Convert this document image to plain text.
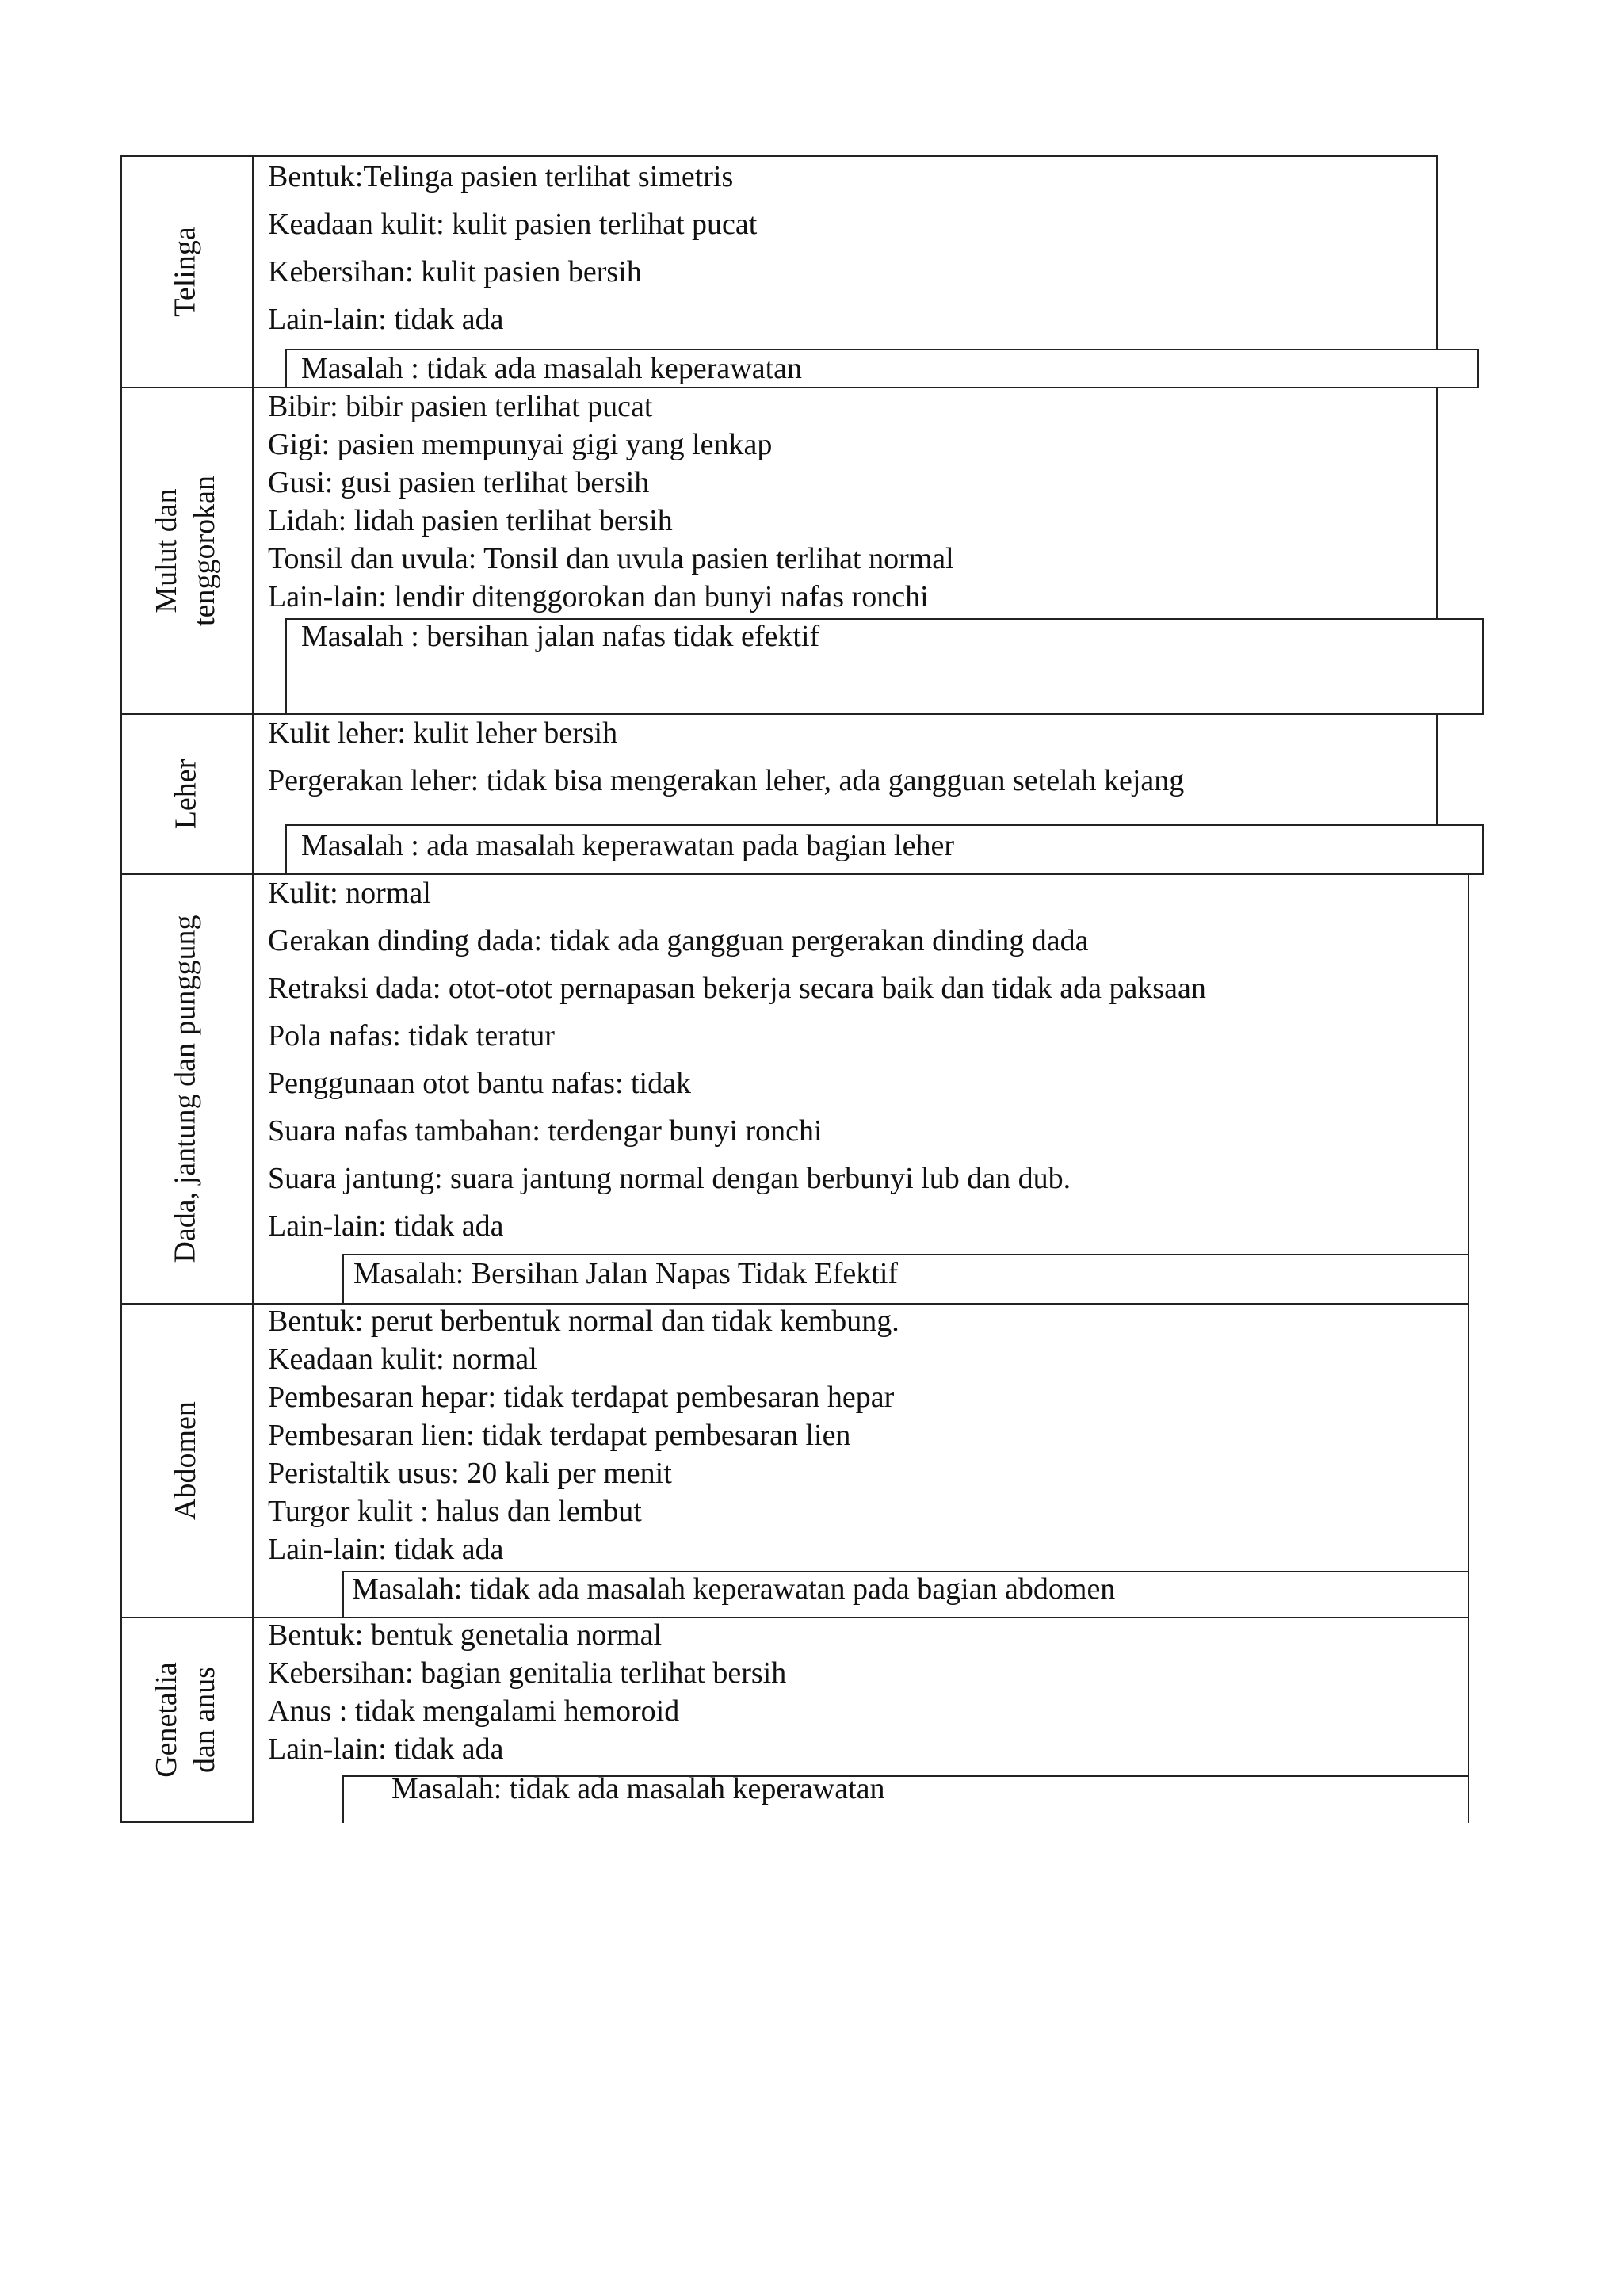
Telinga
Mulut dan tenggorokan
Leher
Dada, jantung dan punggung
Abdomen
Genetalia dan anus
Bentuk:Telinga pasien terlihat simetris
Keadaan kulit: kulit pasien terlihat pucat
Kebersihan: kulit pasien bersih
Lain-lain: tidak ada
Masalah : tidak ada masalah keperawatan
Bibir: bibir pasien terlihat pucat
Gigi: pasien mempunyai gigi yang lenkap
Gusi: gusi pasien terlihat bersih
Lidah: lidah pasien terlihat bersih
Tonsil dan uvula: Tonsil dan uvula pasien terlihat normal
Lain-lain: lendir ditenggorokan dan bunyi nafas ronchi
Masalah : bersihan jalan nafas tidak efektif
Kulit leher: kulit leher bersih
Pergerakan leher: tidak bisa mengerakan leher, ada gangguan setelah kejang
Masalah : ada masalah keperawatan pada bagian leher
Kulit: normal
Gerakan dinding dada: tidak ada gangguan pergerakan dinding dada
Retraksi dada: otot-otot pernapasan bekerja secara baik dan tidak ada paksaan
Pola nafas: tidak teratur
Penggunaan otot bantu nafas: tidak
Suara nafas tambahan: terdengar bunyi ronchi
Suara jantung: suara jantung normal dengan berbunyi lub dan dub.
Lain-lain: tidak ada
Masalah: Bersihan Jalan Napas Tidak Efektif
Bentuk: perut berbentuk normal dan tidak kembung.
Keadaan kulit: normal
Pembesaran hepar: tidak terdapat pembesaran hepar
Pembesaran lien: tidak terdapat pembesaran lien
Peristaltik usus: 20 kali per menit
Turgor kulit : halus dan lembut
Lain-lain: tidak ada
Masalah: tidak ada masalah keperawatan pada bagian abdomen
Bentuk: bentuk genetalia normal
Kebersihan: bagian genitalia terlihat bersih
Anus : tidak mengalami hemoroid
Lain-lain: tidak ada
Masalah: tidak ada masalah keperawatan
